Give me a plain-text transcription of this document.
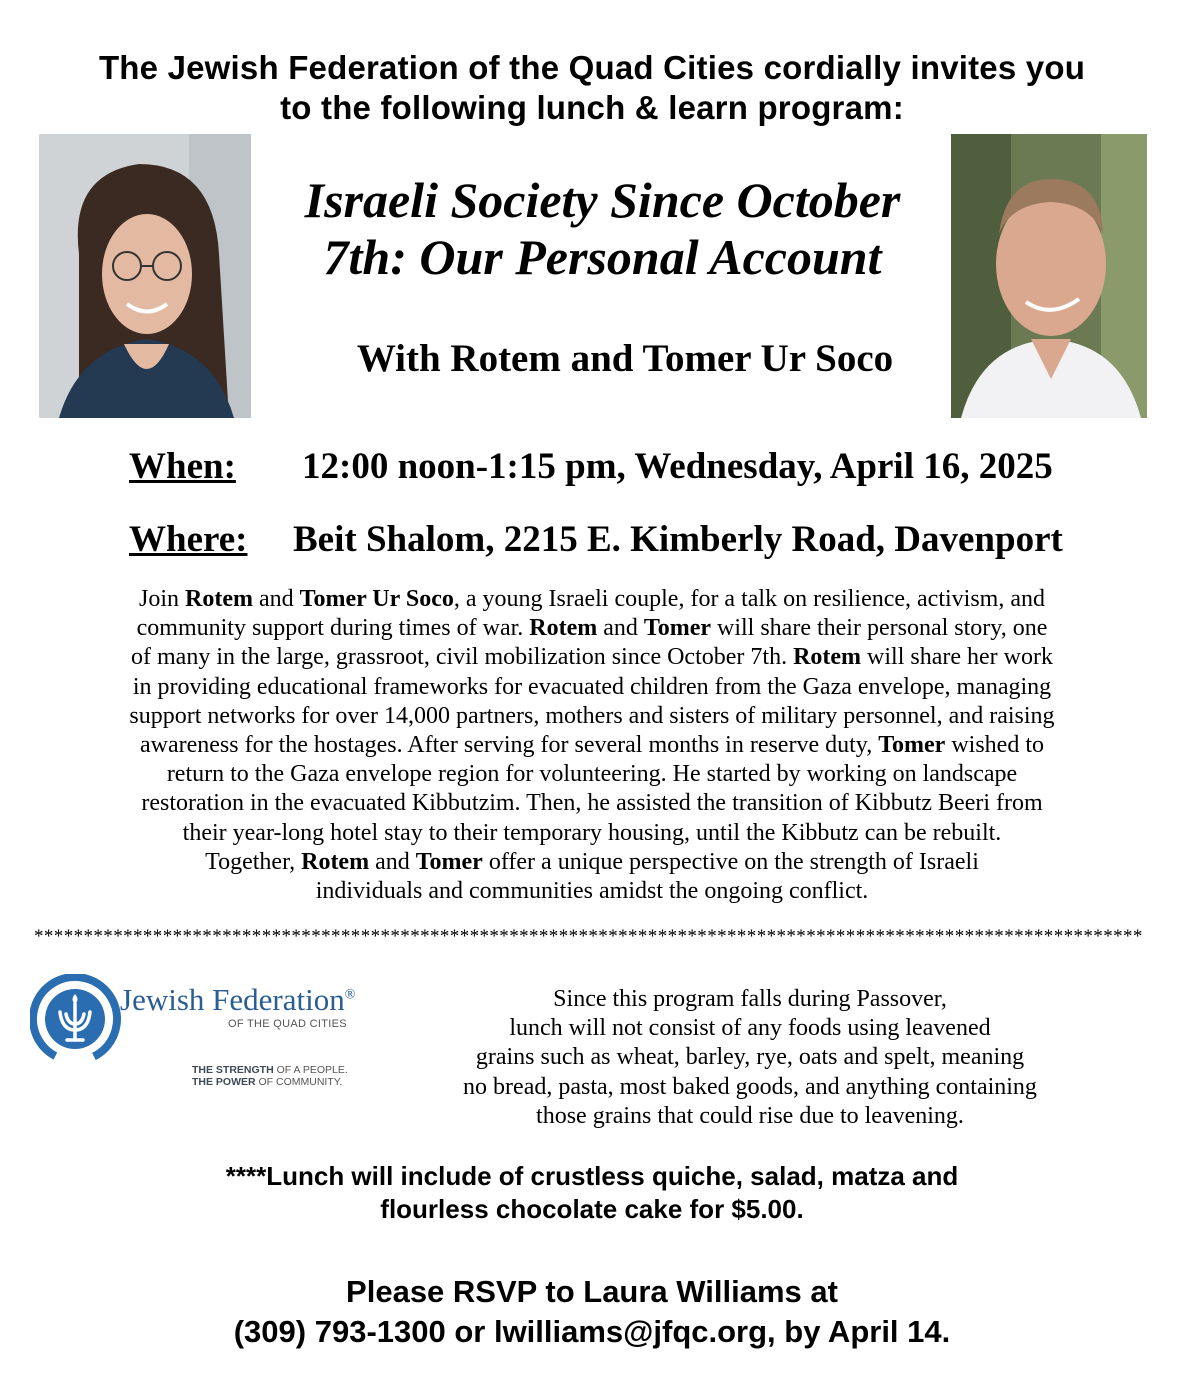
The Jewish Federation of the Quad Cities cordially invites you
to the following lunch & learn program:
Israeli Society Since October
7th: Our Personal Account
With Rotem and Tomer Ur Soco
When: 12:00 noon-1:15 pm, Wednesday, April 16, 2025
Where: Beit Shalom, 2215 E. Kimberly Road, Davenport
Join Rotem and Tomer Ur Soco, a young Israeli couple, for a talk on resilience, activism, and
community support during times of war. Rotem and Tomer will share their personal story, one
of many in the large, grassroot, civil mobilization since October 7th. Rotem will share her work
in providing educational frameworks for evacuated children from the Gaza envelope, managing
support networks for over 14,000 partners, mothers and sisters of military personnel, and raising
awareness for the hostages. After serving for several months in reserve duty, Tomer wished to
return to the Gaza envelope region for volunteering. He started by working on landscape
restoration in the evacuated Kibbutzim. Then, he assisted the transition of Kibbutz Beeri from
their year-long hotel stay to their temporary housing, until the Kibbutz can be rebuilt.
Together, Rotem and Tomer offer a unique perspective on the strength of Israeli
individuals and communities amidst the ongoing conflict.
****************************************************************************************************************
Jewish Federation®
OF THE QUAD CITIES
THE STRENGTH OF A PEOPLE.
THE POWER OF COMMUNITY.
Since this program falls during Passover,
lunch will not consist of any foods using leavened
grains such as wheat, barley, rye, oats and spelt, meaning
no bread, pasta, most baked goods, and anything containing
those grains that could rise due to leavening.
****Lunch will include of crustless quiche, salad, matza and
flourless chocolate cake for $5.00.
Please RSVP to Laura Williams at
(309) 793-1300 or lwilliams@jfqc.org, by April 14.
